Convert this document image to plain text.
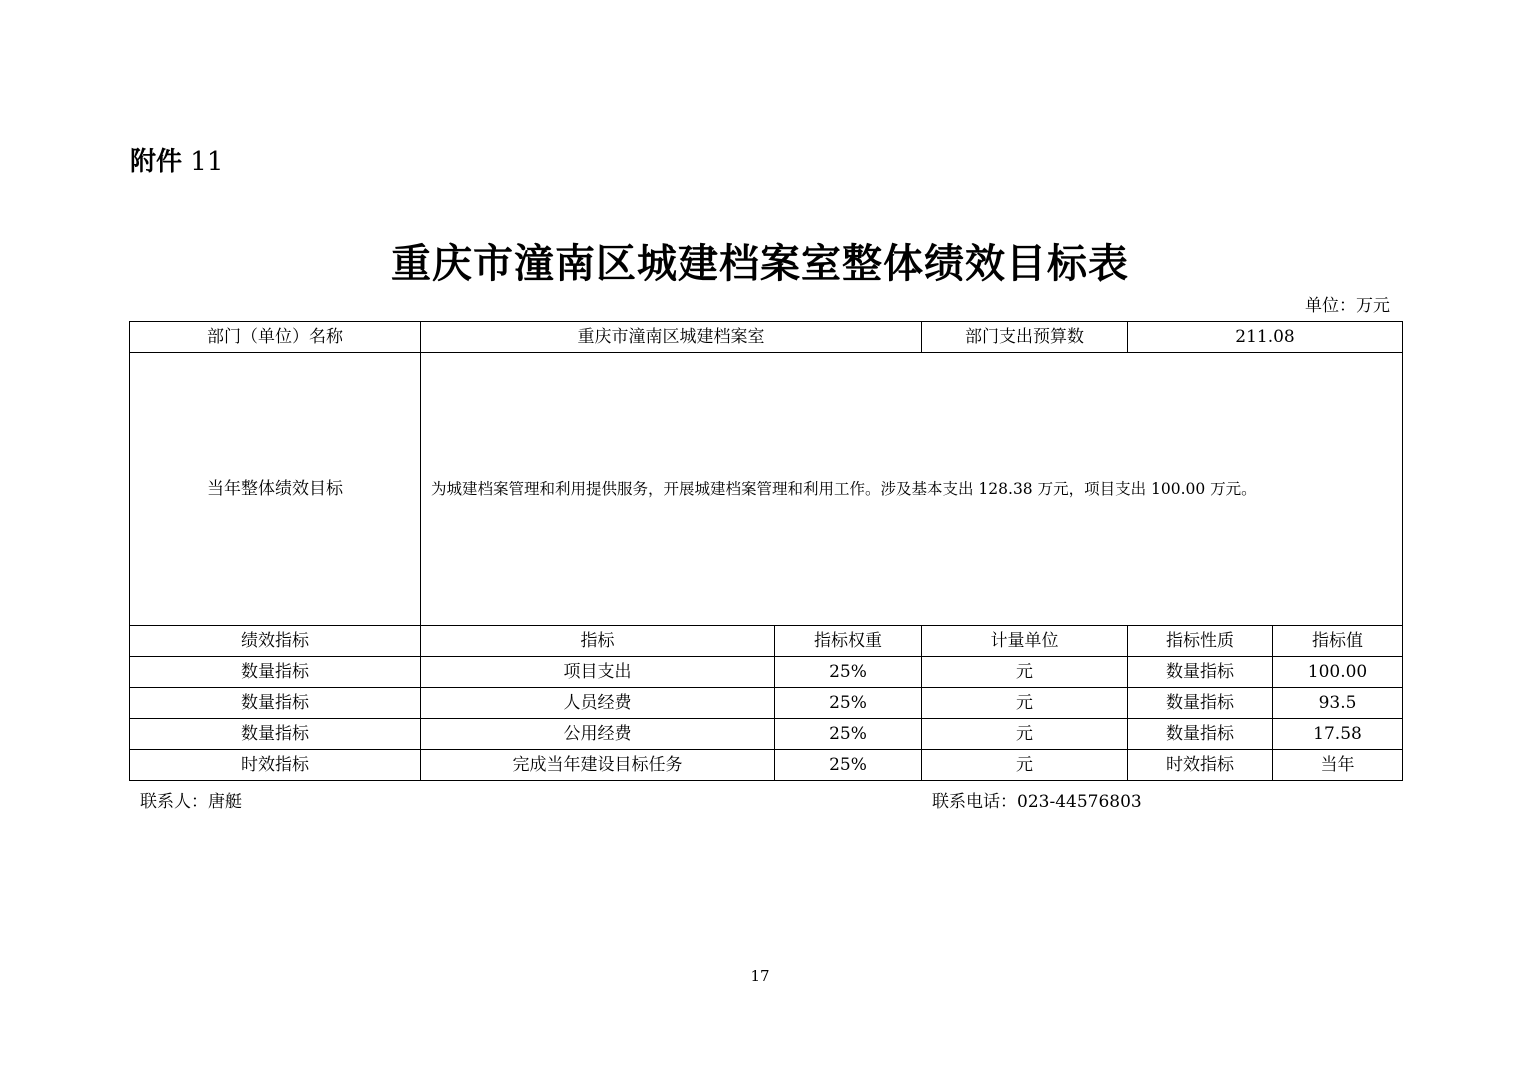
附件 11
重庆市潼南区城建档案室整体绩效目标表
单位：万元
部门（单位）名称	重庆市潼南区城建档案室		部门支出预算数	211.08	
当年整体绩效目标	为城建档案管理和利用提供服务，开展城建档案管理和利用工作。涉及基本支出 128.38 万元，项目支出 100.00 万元。				
绩效指标	指标	指标权重	计量单位	指标性质	指标值
数量指标	项目支出	25%	元	数量指标	100.00
数量指标	人员经费	25%	元	数量指标	93.5
数量指标	公用经费	25%	元	数量指标	17.58
时效指标	完成当年建设目标任务	25%	元	时效指标	当年
联系人：唐艇	联系电话：023-44576803
17
